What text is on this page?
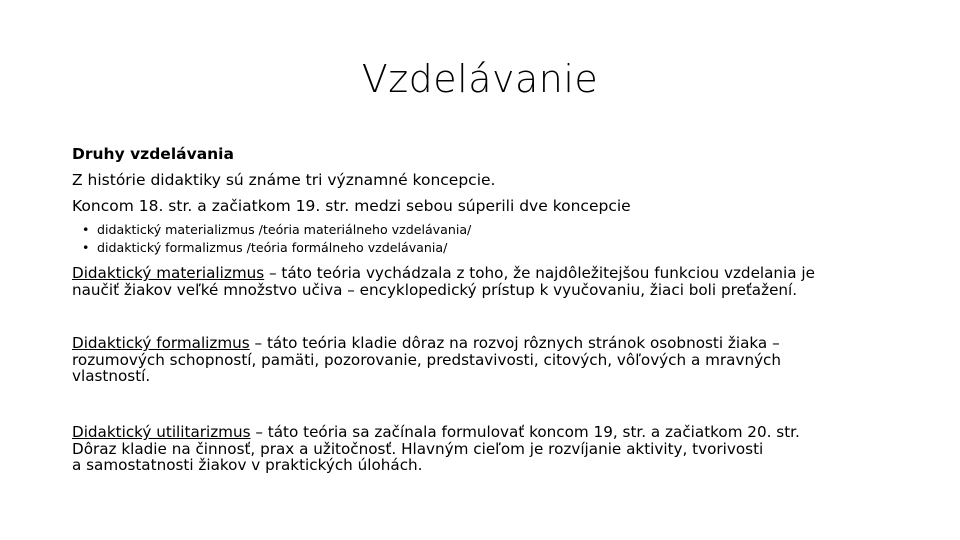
Vzdelávanie
Druhy vzdelávania
Z histórie didaktiky sú známe tri významné koncepcie.
Koncom 18. str. a začiatkom 19. str. medzi sebou súperili dve koncepcie
• didaktický materializmus /teória materiálneho vzdelávania/
• didaktický formalizmus /teória formálneho vzdelávania/
Didaktický materializmus – táto teória vychádzala z toho, že najdôležitejšou funkciou vzdelania je
naučiť žiakov veľké množstvo učiva – encyklopedický prístup k vyučovaniu, žiaci boli preťažení.
Didaktický formalizmus – táto teória kladie dôraz na rozvoj rôznych stránok osobnosti žiaka –
rozumových schopností, pamäti, pozorovanie, predstavivosti, citových, vôľových a mravných
vlastností.
Didaktický utilitarizmus – táto teória sa začínala formulovať koncom 19, str. a začiatkom 20. str.
Dôraz kladie na činnosť, prax a užitočnosť. Hlavným cieľom je rozvíjanie aktivity, tvorivosti
a samostatnosti žiakov v praktických úlohách.
